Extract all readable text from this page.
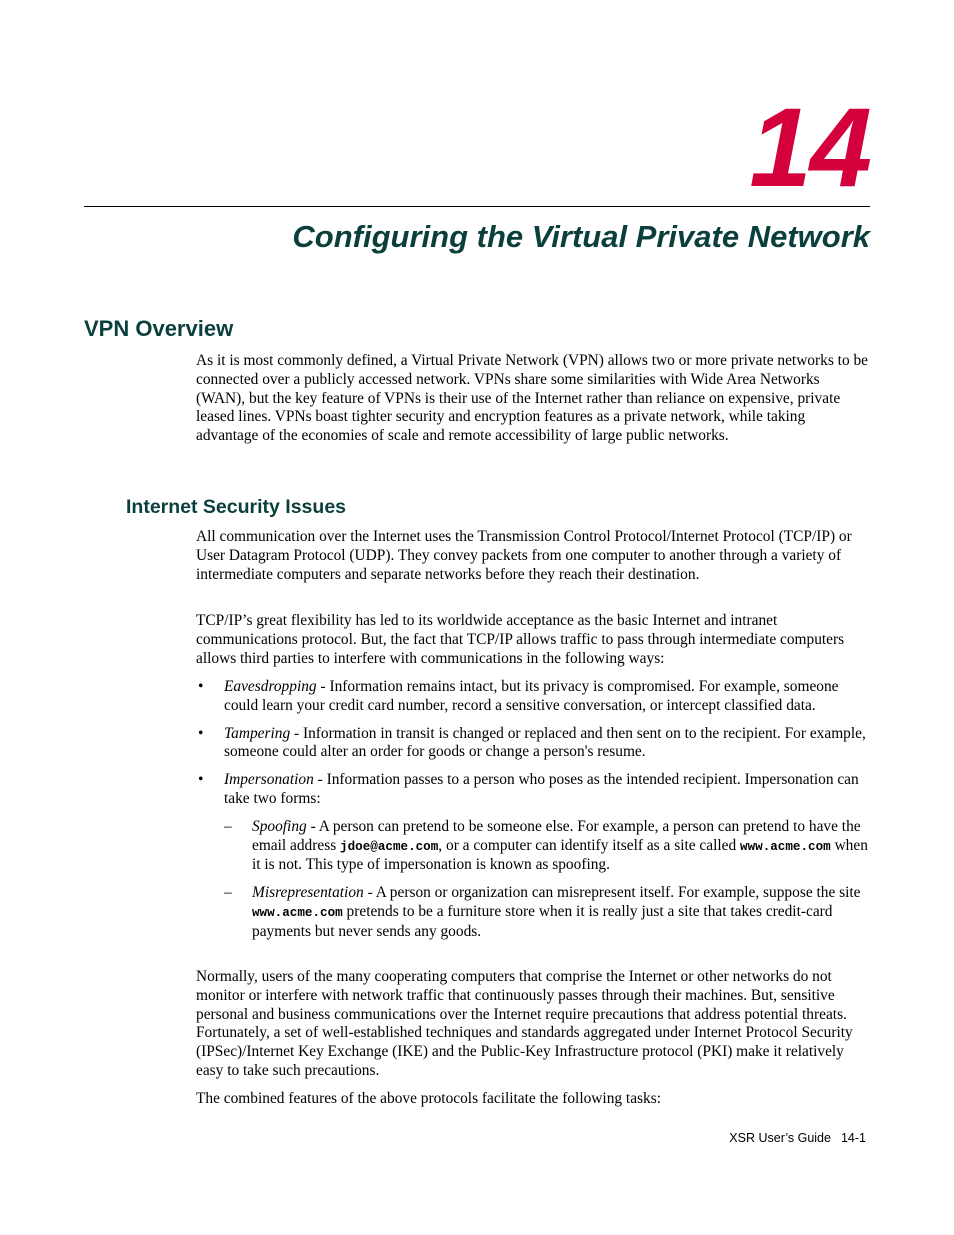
14
Configuring the Virtual Private Network
VPN Overview

As it is most commonly defined, a Virtual Private Network (VPN) allows two or more private networks to be connected over a publicly accessed network. VPNs share some similarities with Wide Area Networks (WAN), but the key feature of VPNs is their use of the Internet rather than reliance on expensive, private leased lines. VPNs boast tighter security and encryption features as a private network, while taking advantage of the economies of scale and remote accessibility of large public networks.

Internet Security Issues

All communication over the Internet uses the Transmission Control Protocol/Internet Protocol (TCP/IP) or User Datagram Protocol (UDP). They convey packets from one computer to another through a variety of intermediate computers and separate networks before they reach their destination.

TCP/IP’s great flexibility has led to its worldwide acceptance as the basic Internet and intranet communications protocol. But, the fact that TCP/IP allows traffic to pass through intermediate computers allows third parties to interfere with communications in the following ways:

• Eavesdropping - Information remains intact, but its privacy is compromised. For example, someone could learn your credit card number, record a sensitive conversation, or intercept classified data.
• Tampering - Information in transit is changed or replaced and then sent on to the recipient. For example, someone could alter an order for goods or change a person's resume.
• Impersonation - Information passes to a person who poses as the intended recipient. Impersonation can take two forms:
– Spoofing - A person can pretend to be someone else. For example, a person can pretend to have the email address jdoe@acme.com, or a computer can identify itself as a site called www.acme.com when it is not. This type of impersonation is known as spoofing.
– Misrepresentation - A person or organization can misrepresent itself. For example, suppose the site www.acme.com pretends to be a furniture store when it is really just a site that takes credit-card payments but never sends any goods.

Normally, users of the many cooperating computers that comprise the Internet or other networks do not monitor or interfere with network traffic that continuously passes through their machines. But, sensitive personal and business communications over the Internet require precautions that address potential threats. Fortunately, a set of well-established techniques and standards aggregated under Internet Protocol Security (IPSec)/Internet Key Exchange (IKE) and the Public-Key Infrastructure protocol (PKI) make it relatively easy to take such precautions.

The combined features of the above protocols facilitate the following tasks:

XSR User’s Guide 14-1
